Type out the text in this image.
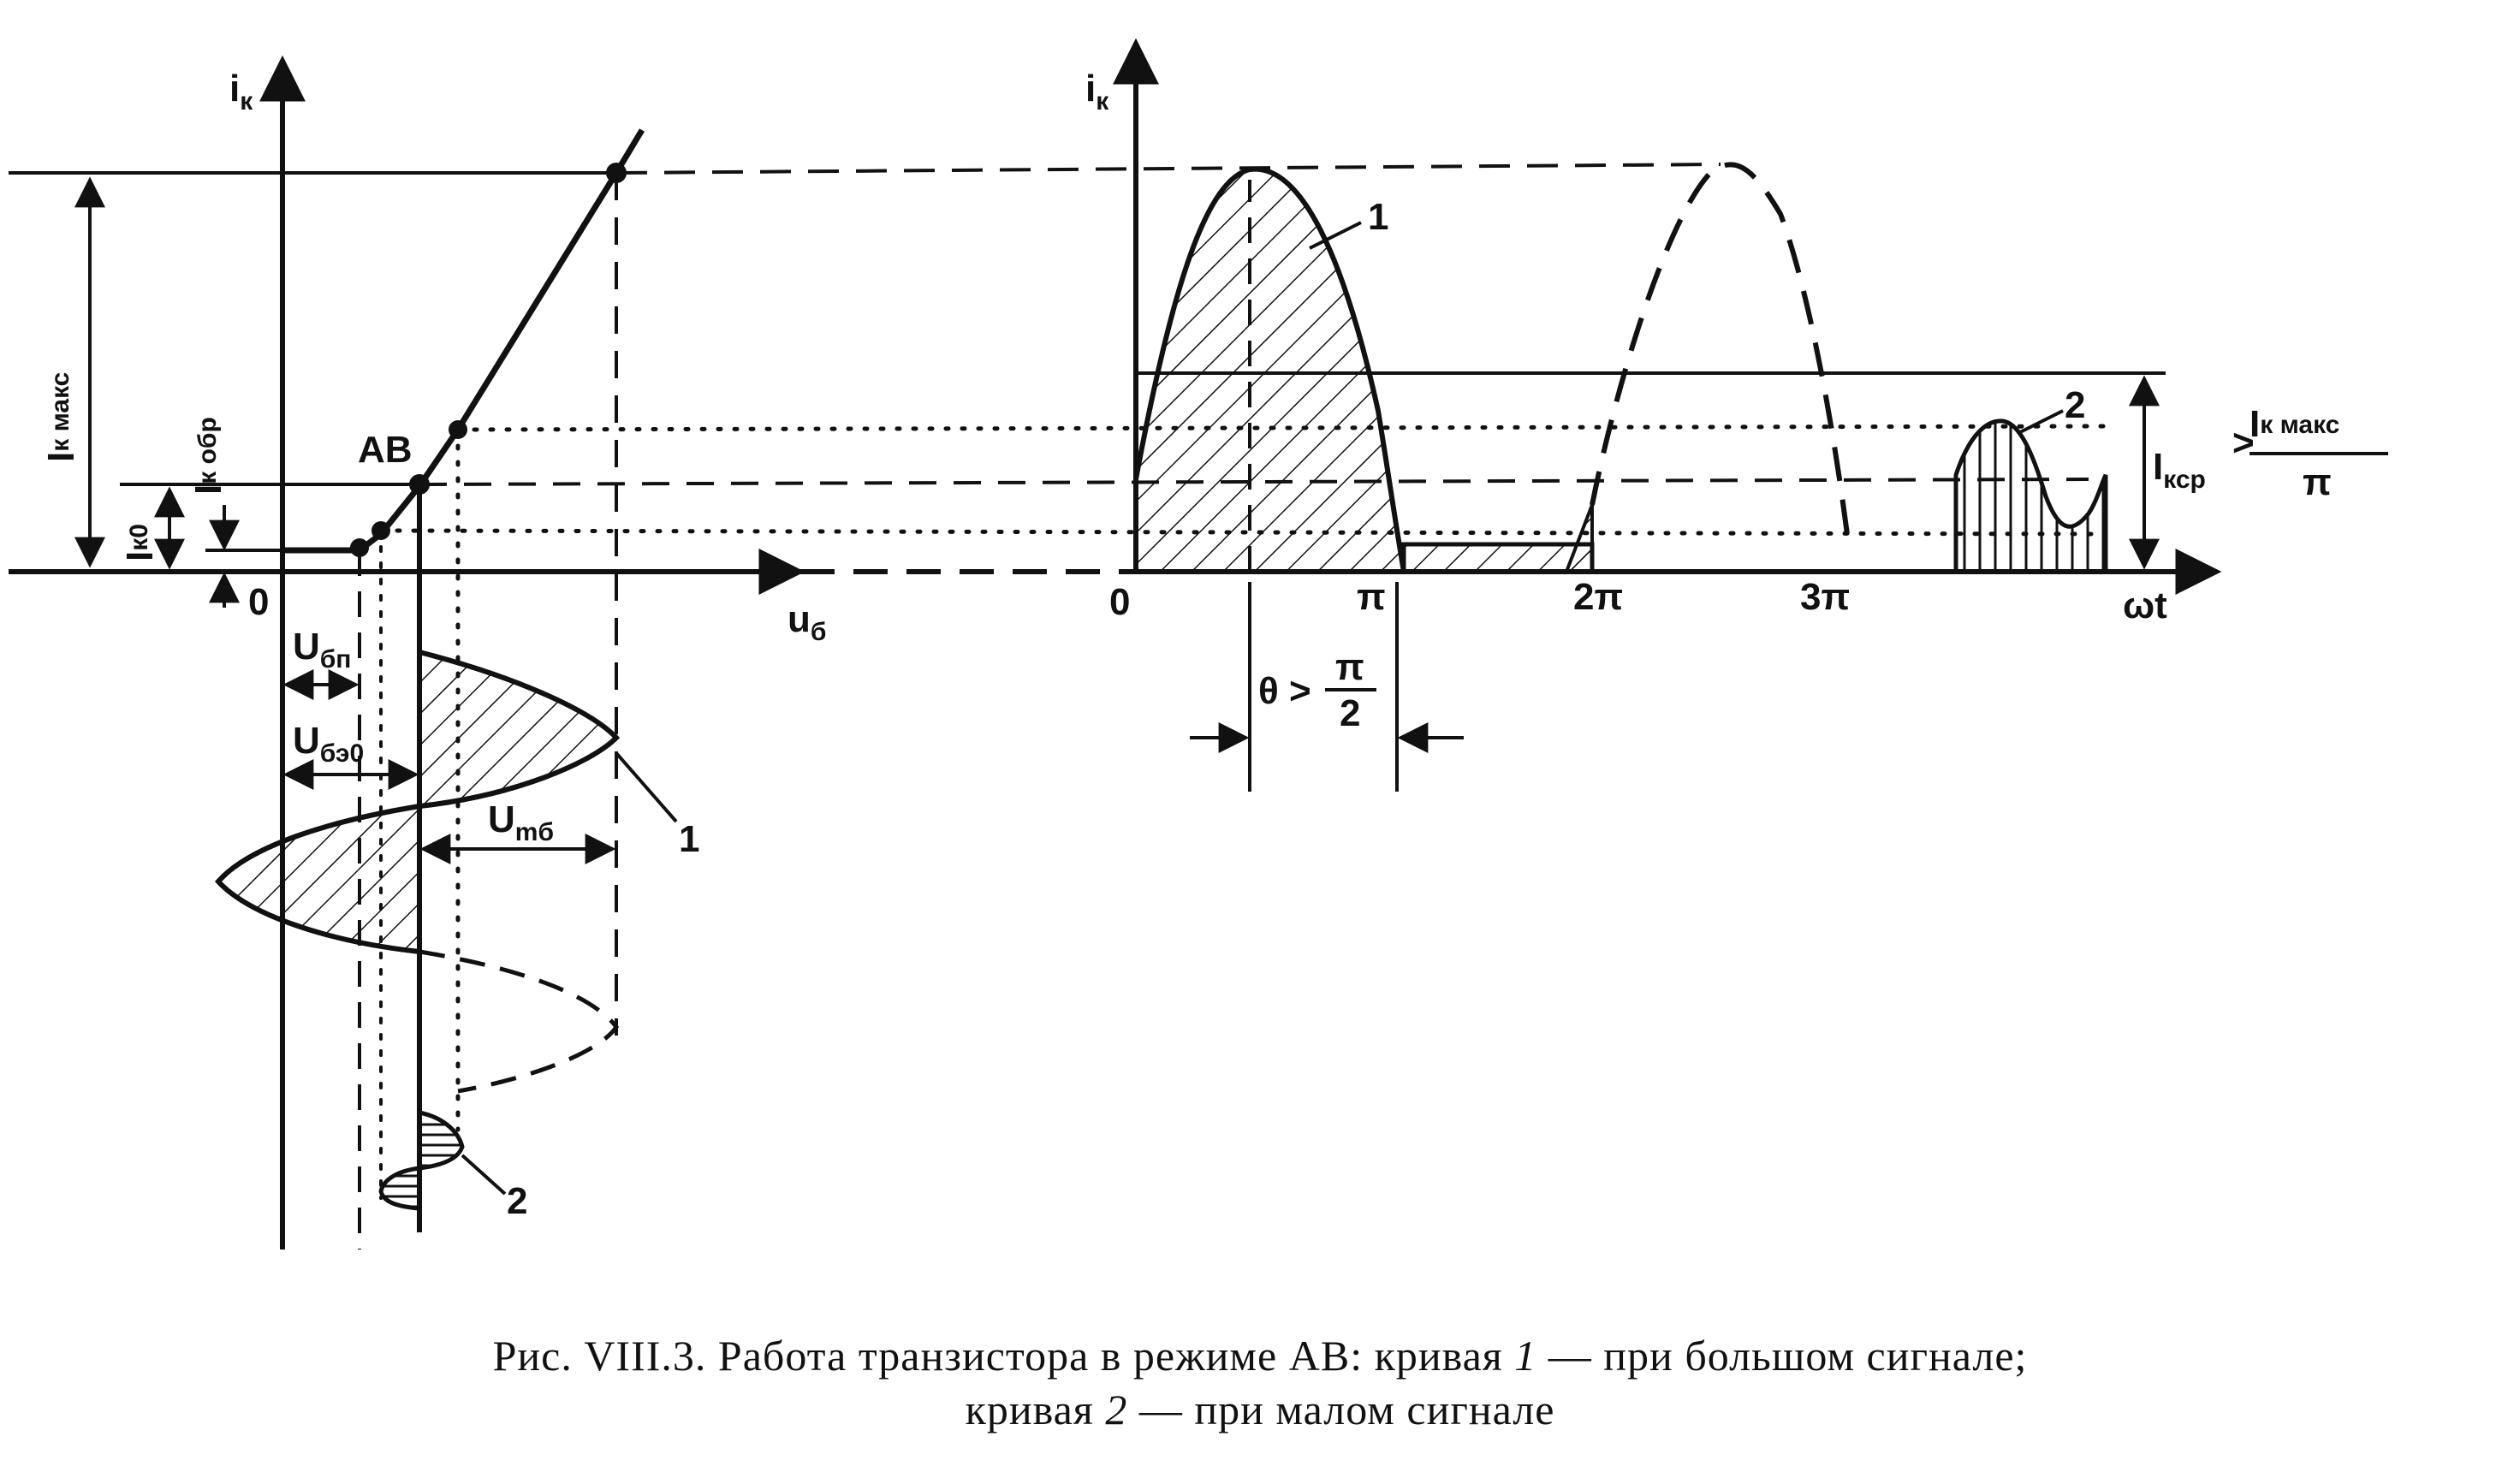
$i_к$	$i_к$
$u_б$
0	0	π	2π	3π	ωt
AB
Iк макс
Iк0
Iк обр
$U_{бп}$
$U_{бэ0}$
$U_{mб}$	1
2
1
2
θ >
π
2
$I_{кср}$
>
Iк макс
π
Рис. VIII.3. Работа транзистора в режиме АВ: кривая 1 — при большом сигнале;
кривая 2 — при малом сигнале
